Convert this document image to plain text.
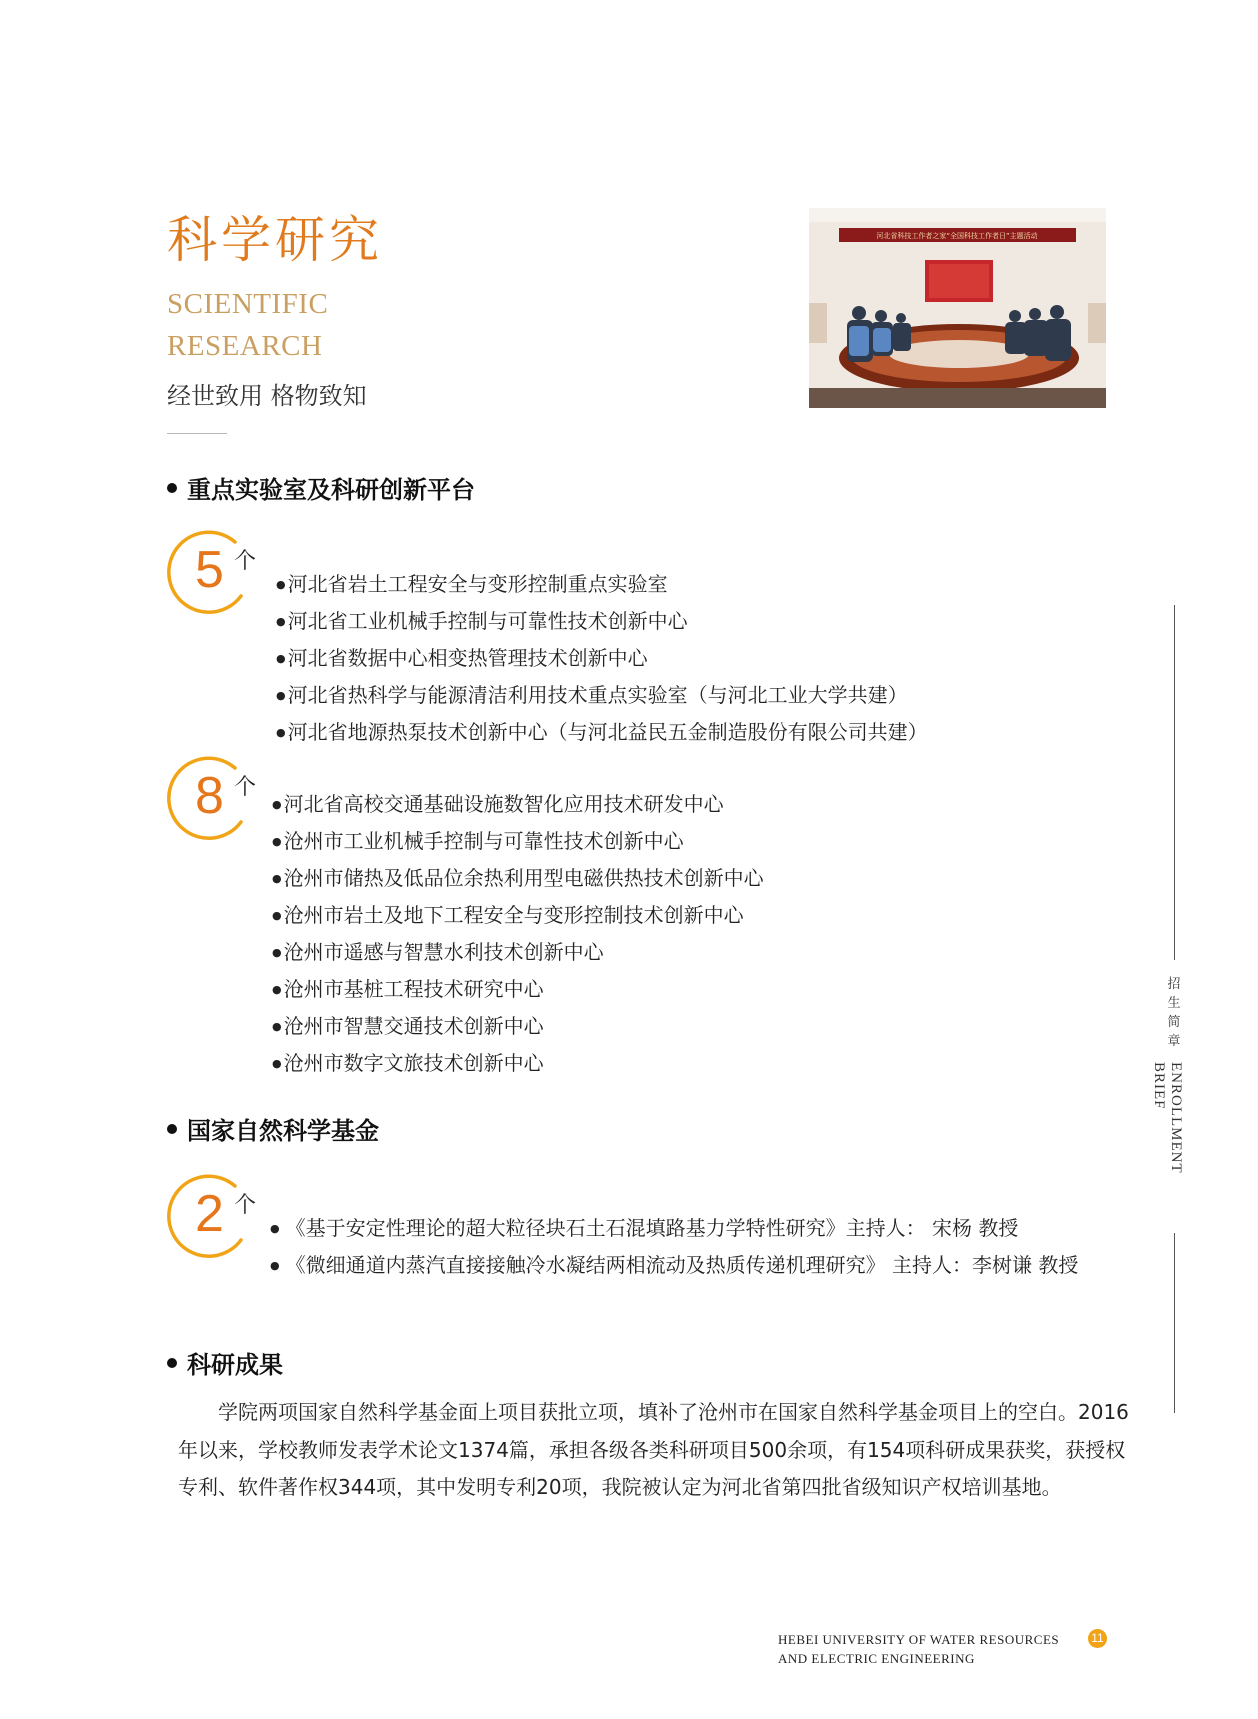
科学研究
SCIENTIFIC
RESEARCH
经世致用 格物致知
河北省科技工作者之家“全国科技工作者日”主题活动
重点实验室及科研创新平台
5 个
● 河北省岩土工程安全与变形控制重点实验室
● 河北省工业机械手控制与可靠性技术创新中心
● 河北省数据中心相变热管理技术创新中心
● 河北省热科学与能源清洁利用技术重点实验室（与河北工业大学共建）
● 河北省地源热泵技术创新中心（与河北益民五金制造股份有限公司共建）
8 个
● 河北省高校交通基础设施数智化应用技术研发中心
● 沧州市工业机械手控制与可靠性技术创新中心
● 沧州市储热及低品位余热利用型电磁供热技术创新中心
● 沧州市岩土及地下工程安全与变形控制技术创新中心
● 沧州市遥感与智慧水利技术创新中心
● 沧州市基桩工程技术研究中心
● 沧州市智慧交通技术创新中心
● 沧州市数字文旅技术创新中心
国家自然科学基金
2 个
● 《基于安定性理论的超大粒径块石土石混填路基力学特性研究》主持人： 宋杨 教授
● 《微细通道内蒸汽直接接触冷水凝结两相流动及热质传递机理研究》 主持人：李树谦 教授
科研成果

学院两项国家自然科学基金面上项目获批立项，填补了沧州市在国家自然科学基金项目上的空白。2016年以来，学校教师发表学术论文1374篇，承担各级各类科研项目500余项，有154项科研成果获奖，获授权专利、软件著作权344项，其中发明专利20项，我院被认定为河北省第四批省级知识产权培训基地。

招生简章
ENROLLMENT BRIEF
HEBEI UNIVERSITY OF WATER RESOURCES
AND ELECTRIC ENGINEERING
11
